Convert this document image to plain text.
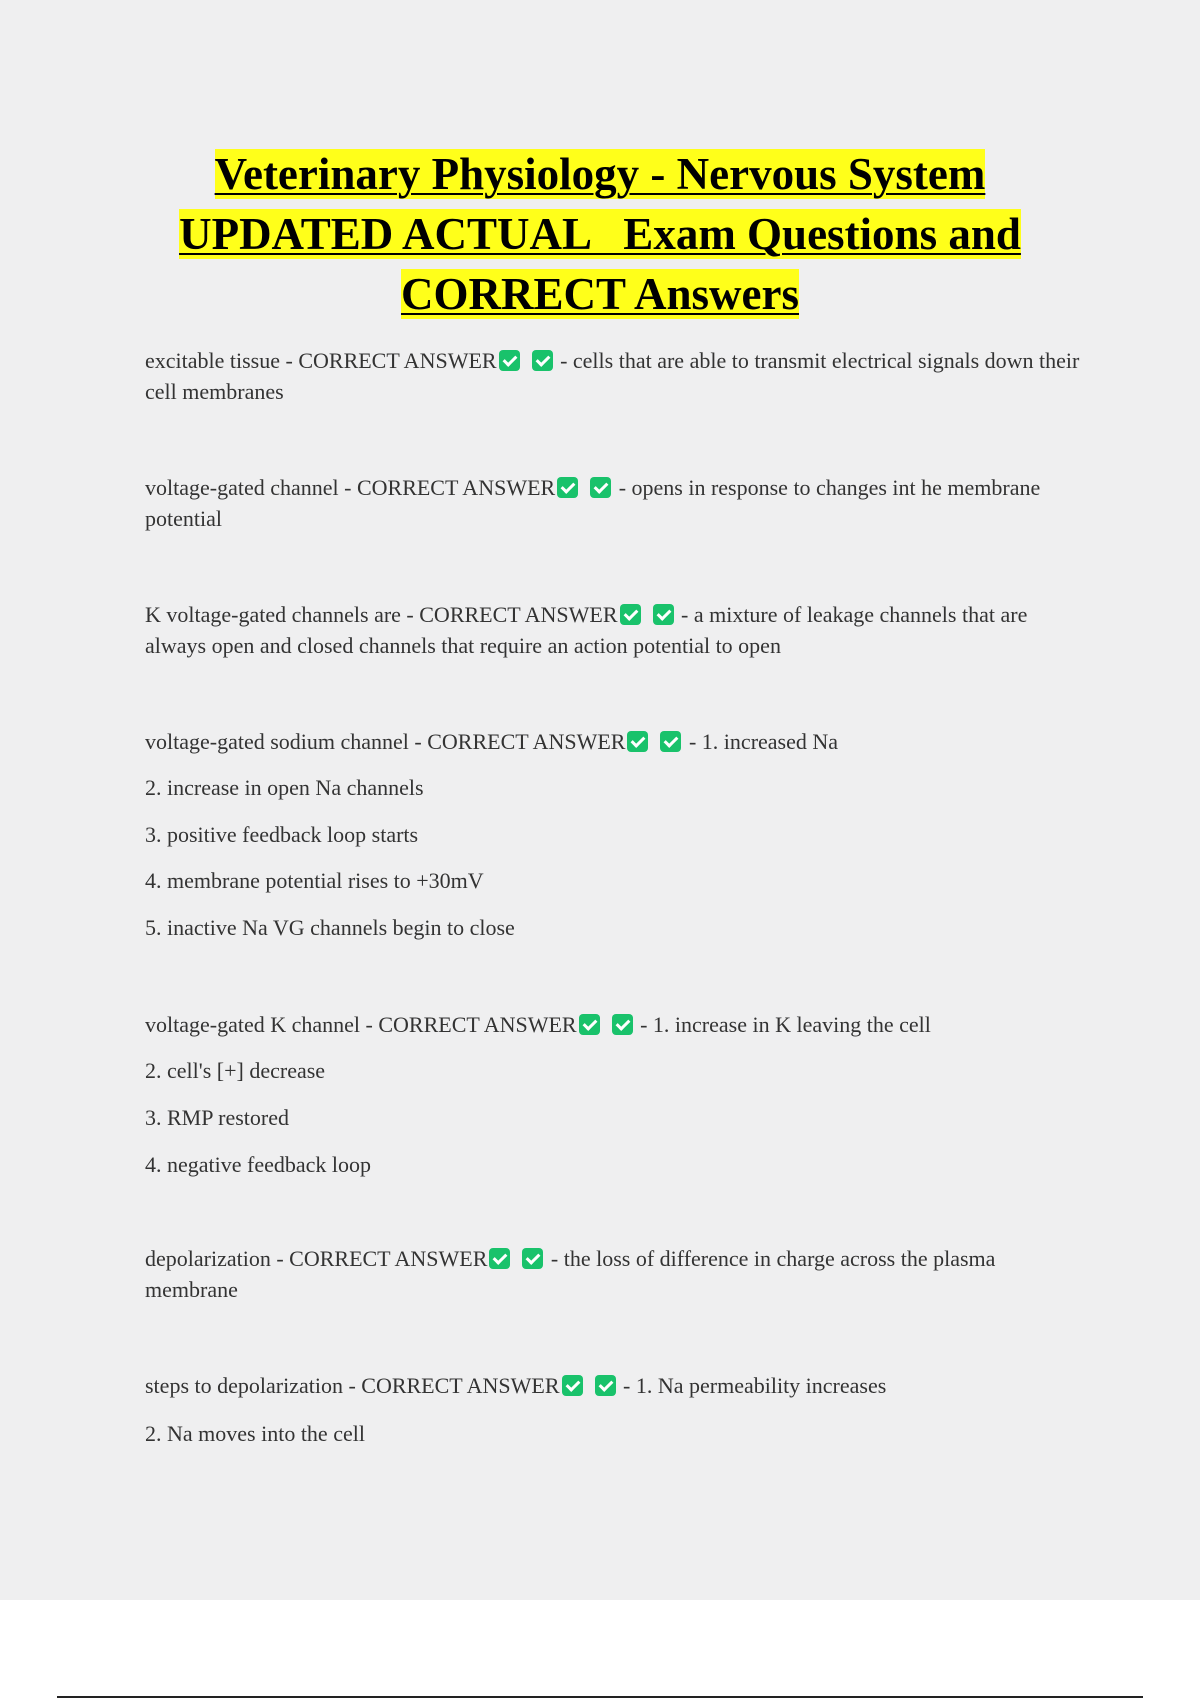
Veterinary Physiology - Nervous System
UPDATED ACTUAL   Exam Questions and
CORRECT Answers
excitable tissue - CORRECT ANSWER	- cells that are able to transmit electrical signals down their cell membranes
voltage-gated channel - CORRECT ANSWER	- opens in response to changes int he membrane potential
K voltage-gated channels are - CORRECT ANSWER	- a mixture of leakage channels that are always open and closed channels that require an action potential to open
voltage-gated sodium channel - CORRECT ANSWER	- 1. increased Na
2. increase in open Na channels
3. positive feedback loop starts
4. membrane potential rises to +30mV
5. inactive Na VG channels begin to close
voltage-gated K channel - CORRECT ANSWER	- 1. increase in K leaving the cell
2. cell's [+] decrease
3. RMP restored
4. negative feedback loop
depolarization - CORRECT ANSWER	- the loss of difference in charge across the plasma membrane
steps to depolarization - CORRECT ANSWER	- 1. Na permeability increases
2. Na moves into the cell
